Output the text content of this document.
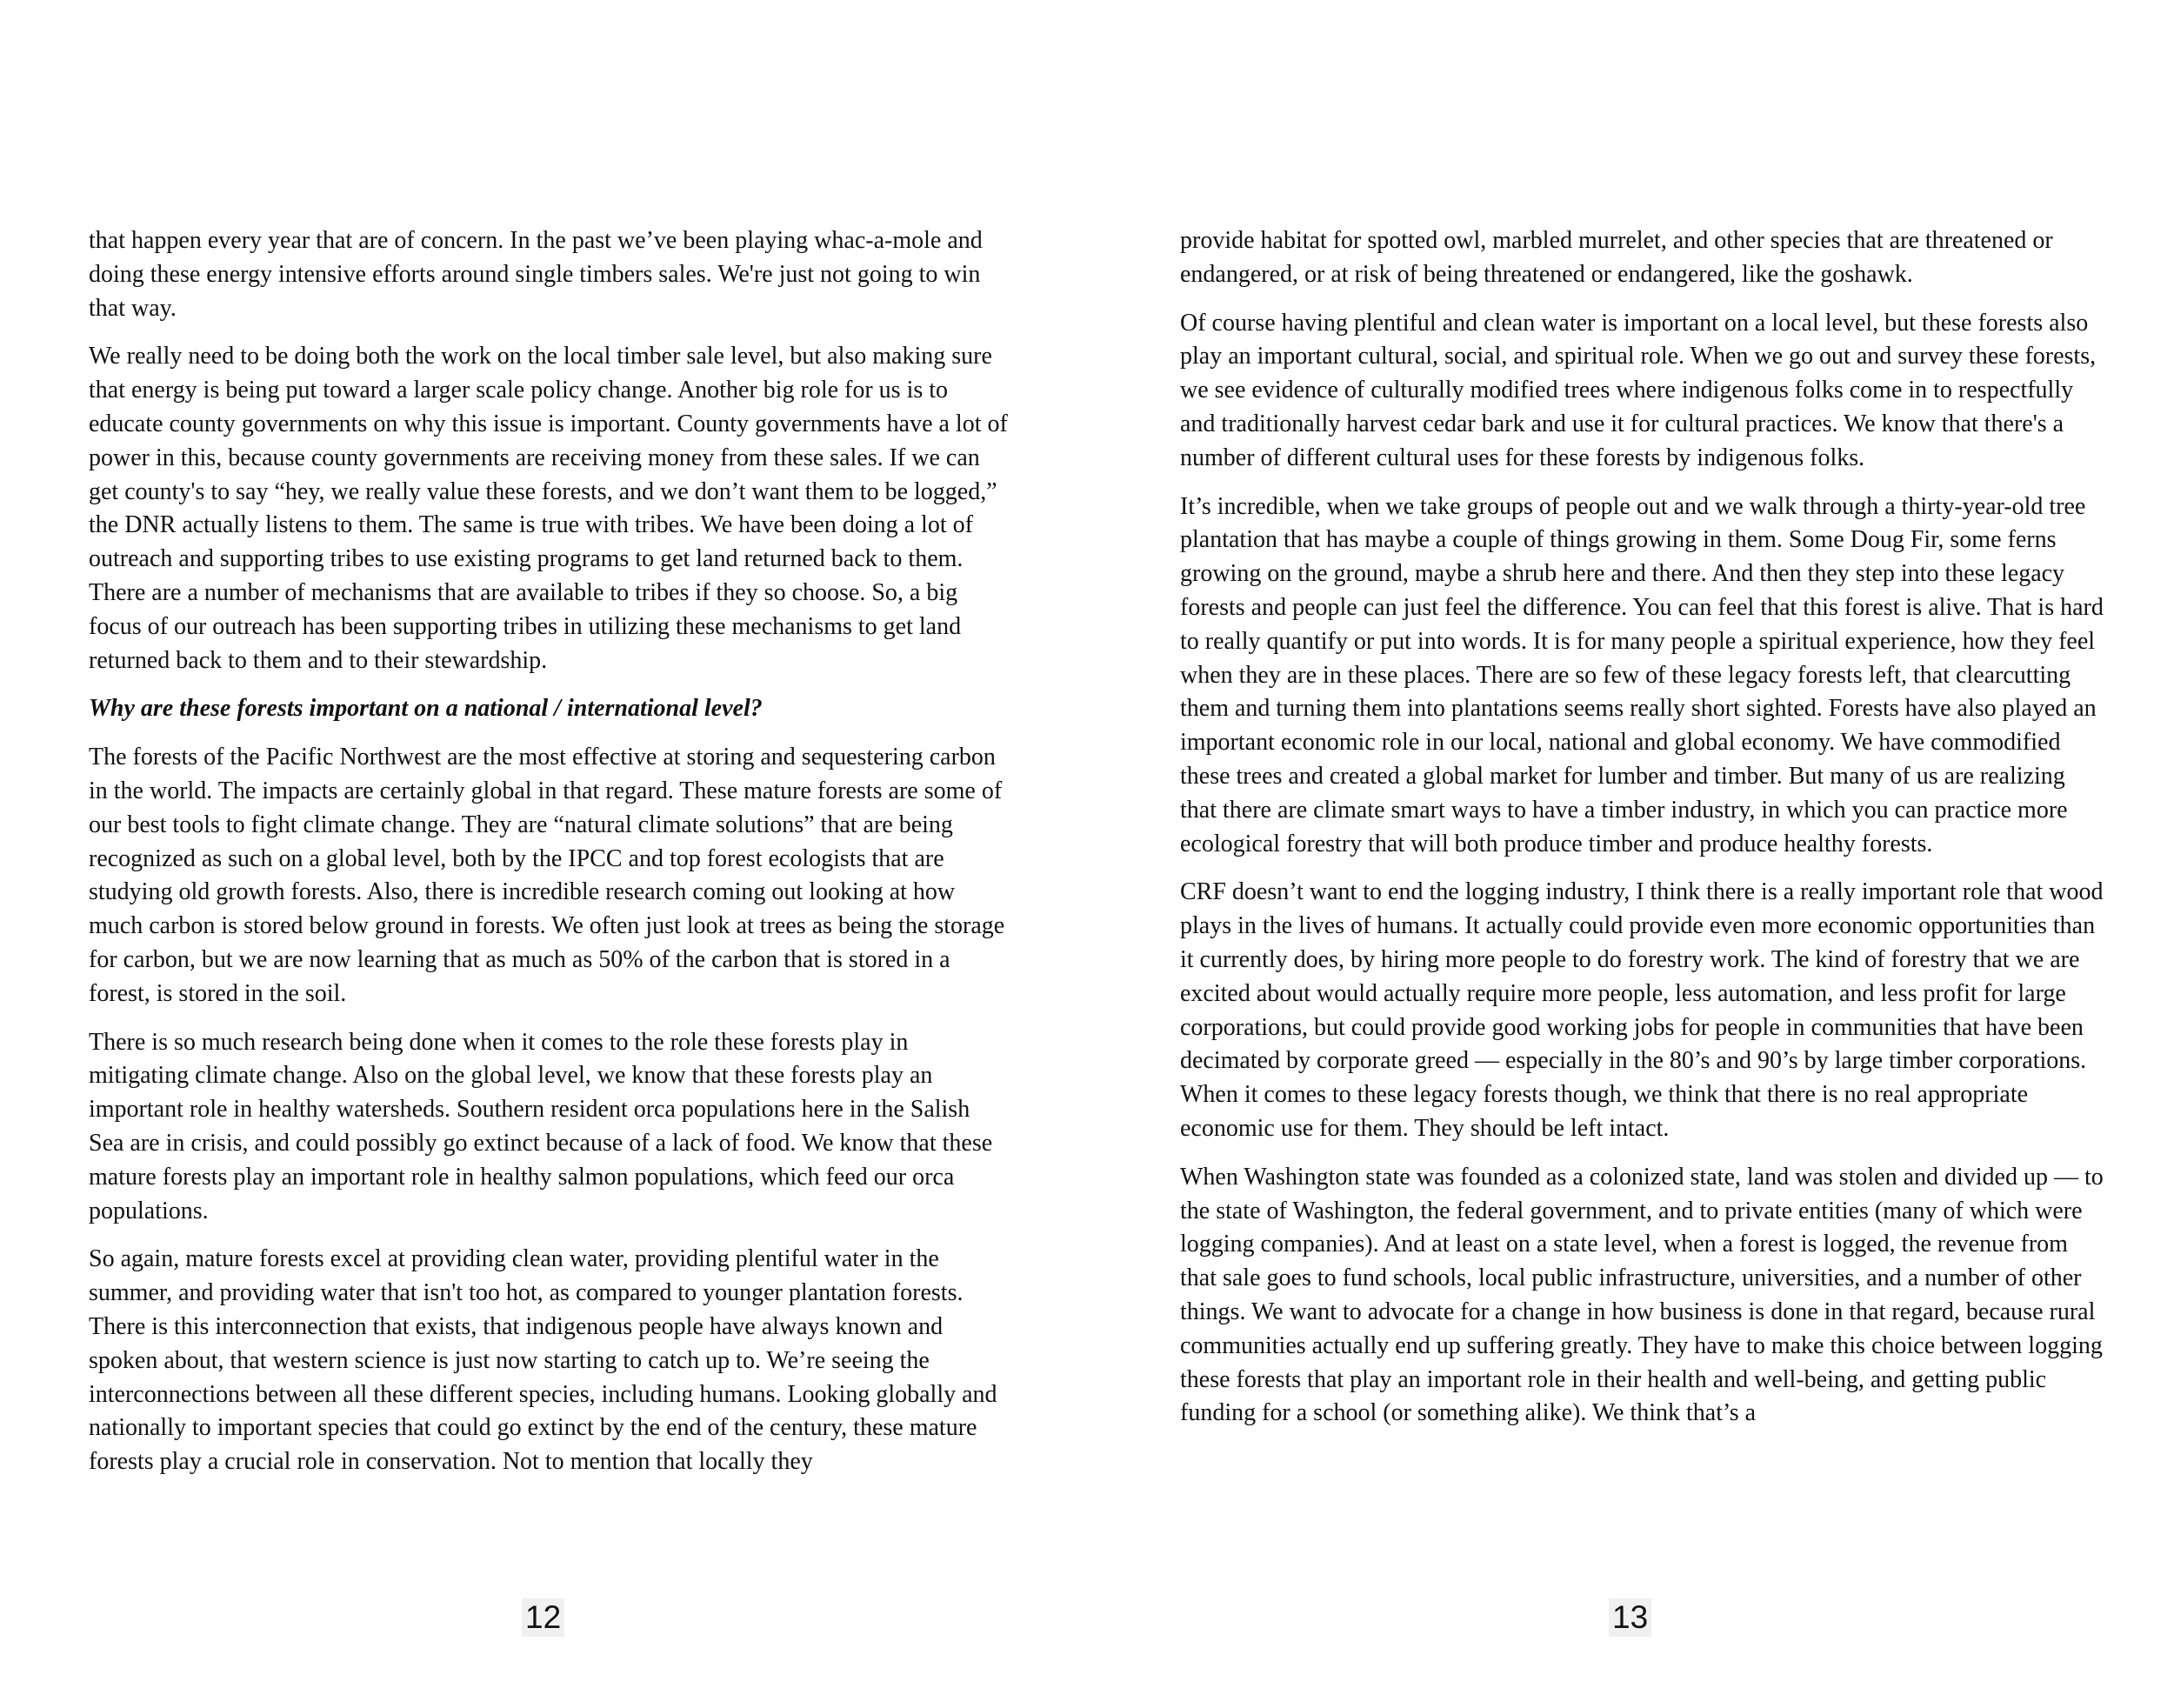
that happen every year that are of concern. In the past we’ve been playing whac-a-mole and doing these energy intensive efforts around single timbers sales. We're just not going to win that way.

We really need to be doing both the work on the local timber sale level, but also making sure that energy is being put toward a larger scale policy change. Another big role for us is to educate county governments on why this issue is important. County governments have a lot of power in this, because county governments are receiving money from these sales. If we can get county's to say “hey, we really value these forests, and we don’t want them to be logged,” the DNR actually listens to them. The same is true with tribes. We have been doing a lot of outreach and supporting tribes to use existing programs to get land returned back to them. There are a number of mechanisms that are available to tribes if they so choose. So, a big focus of our outreach has been supporting tribes in utilizing these mechanisms to get land returned back to them and to their stewardship.

Why are these forests important on a national / international level?

The forests of the Pacific Northwest are the most effective at storing and sequestering carbon in the world. The impacts are certainly global in that regard. These mature forests are some of our best tools to fight climate change. They are “natural climate solutions” that are being recognized as such on a global level, both by the IPCC and top forest ecologists that are studying old growth forests. Also, there is incredible research coming out looking at how much carbon is stored below ground in forests. We often just look at trees as being the storage for carbon, but we are now learning that as much as 50% of the carbon that is stored in a forest, is stored in the soil.

There is so much research being done when it comes to the role these forests play in mitigating climate change. Also on the global level, we know that these forests play an important role in healthy watersheds. Southern resident orca populations here in the Salish Sea are in crisis, and could possibly go extinct because of a lack of food. We know that these mature forests play an important role in healthy salmon populations, which feed our orca populations.

So again, mature forests excel at providing clean water, providing plentiful water in the summer, and providing water that isn't too hot, as compared to younger plantation forests. There is this interconnection that exists, that indigenous people have always known and spoken about, that western science is just now starting to catch up to. We’re seeing the interconnections between all these different species, including humans. Looking globally and nationally to important species that could go extinct by the end of the century, these mature forests play a crucial role in conservation. Not to mention that locally they

12

provide habitat for spotted owl, marbled murrelet, and other species that are threatened or endangered, or at risk of being threatened or endangered, like the goshawk.

Of course having plentiful and clean water is important on a local level, but these forests also play an important cultural, social, and spiritual role. When we go out and survey these forests, we see evidence of culturally modified trees where indigenous folks come in to respectfully and traditionally harvest cedar bark and use it for cultural practices. We know that there's a number of different cultural uses for these forests by indigenous folks.

It’s incredible, when we take groups of people out and we walk through a thirty-year-old tree plantation that has maybe a couple of things growing in them. Some Doug Fir, some ferns growing on the ground, maybe a shrub here and there. And then they step into these legacy forests and people can just feel the difference. You can feel that this forest is alive. That is hard to really quantify or put into words. It is for many people a spiritual experience, how they feel when they are in these places. There are so few of these legacy forests left, that clearcutting them and turning them into plantations seems really short sighted. Forests have also played an important economic role in our local, national and global economy. We have commodified these trees and created a global market for lumber and timber. But many of us are realizing that there are climate smart ways to have a timber industry, in which you can practice more ecological forestry that will both produce timber and produce healthy forests.

CRF doesn’t want to end the logging industry, I think there is a really important role that wood plays in the lives of humans. It actually could provide even more economic opportunities than it currently does, by hiring more people to do forestry work. The kind of forestry that we are excited about would actually require more people, less automation, and less profit for large corporations, but could provide good working jobs for people in communities that have been decimated by corporate greed — especially in the 80’s and 90’s by large timber corporations. When it comes to these legacy forests though, we think that there is no real appropriate economic use for them. They should be left intact.

When Washington state was founded as a colonized state, land was stolen and divided up — to the state of Washington, the federal government, and to private entities (many of which were logging companies). And at least on a state level, when a forest is logged, the revenue from that sale goes to fund schools, local public infrastructure, universities, and a number of other things. We want to advocate for a change in how business is done in that regard, because rural communities actually end up suffering greatly. They have to make this choice between logging these forests that play an important role in their health and well-being, and getting public funding for a school (or something alike). We think that’s a

13
